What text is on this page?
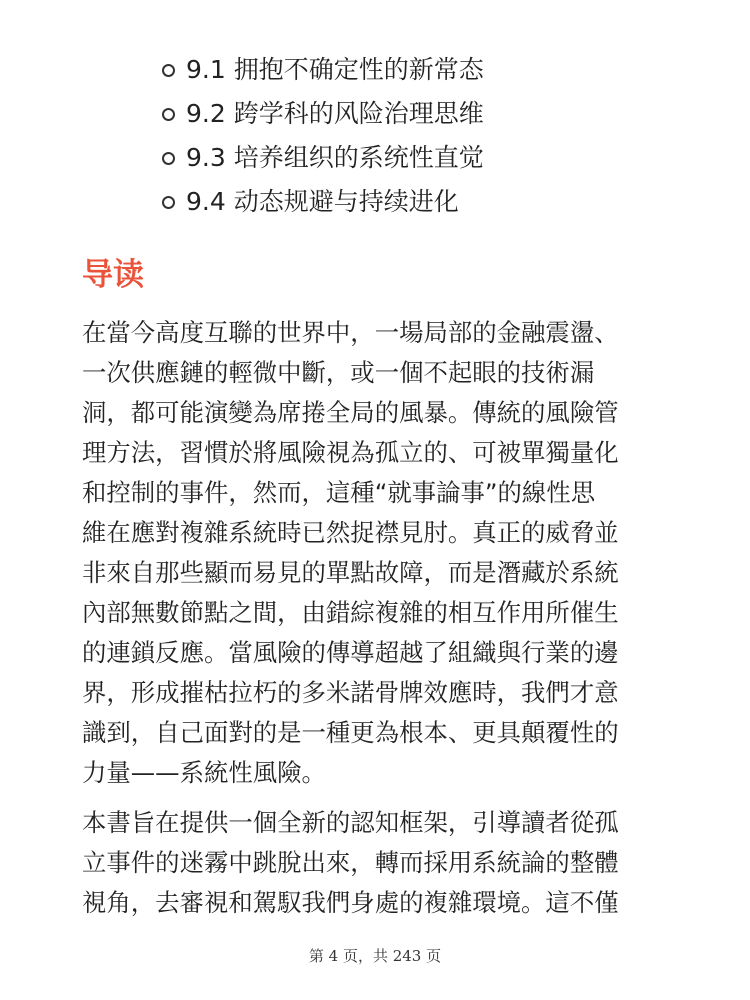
9.1 拥抱不确定性的新常态
9.2 跨学科的风险治理思维
9.3 培养组织的系统性直觉
9.4 动态规避与持续进化
导读

在當今高度互聯的世界中，一場局部的金融震盪、
一次供應鏈的輕微中斷，或一個不起眼的技術漏
洞，都可能演變為席捲全局的風暴。傳統的風險管
理方法，習慣於將風險視為孤立的、可被單獨量化
和控制的事件，然而，這種“就事論事”的線性思
維在應對複雜系統時已然捉襟見肘。真正的威脅並
非來自那些顯而易見的單點故障，而是潛藏於系統
內部無數節點之間，由錯綜複雜的相互作用所催生
的連鎖反應。當風險的傳導超越了組織與行業的邊
界，形成摧枯拉朽的多米諾骨牌效應時，我們才意
識到，自己面對的是一種更為根本、更具顛覆性的
力量——系統性風險。

本書旨在提供一個全新的認知框架，引導讀者從孤
立事件的迷霧中跳脫出來，轉而採用系統論的整體
視角，去審視和駕馭我們身處的複雜環境。這不僅

第 4 页，共 243 页
